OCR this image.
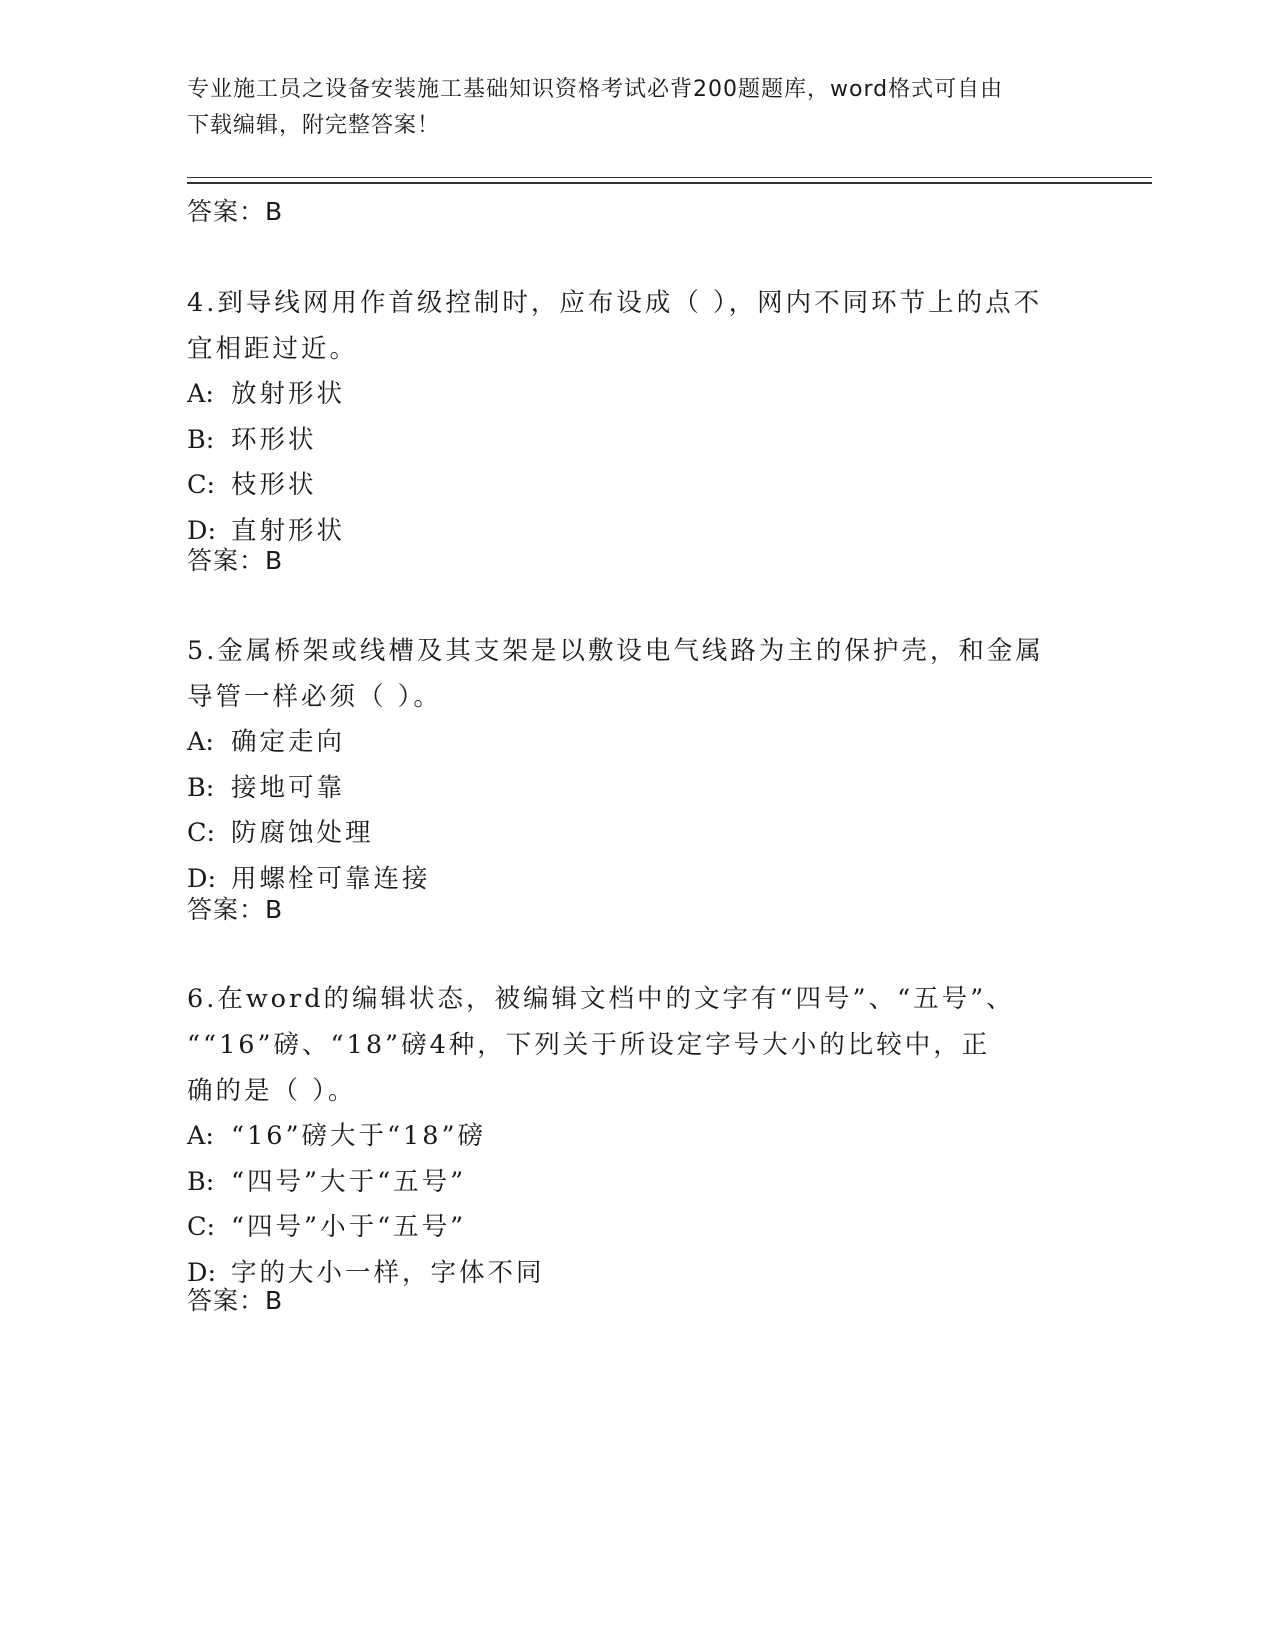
专业施工员之设备安装施工基础知识资格考试必背200题题库，word格式可自由
下载编辑，附完整答案！
答案：B

4.到导线网用作首级控制时，应布设成（ ），网内不同环节上的点不

宜相距过近。

A: 放射形状

B: 环形状

C: 枝形状

D: 直射形状

答案：B

5.金属桥架或线槽及其支架是以敷设电气线路为主的保护壳，和金属

导管一样必须（ ）。

A: 确定走向

B: 接地可靠

C: 防腐蚀处理

D: 用螺栓可靠连接

答案：B

6.在word的编辑状态，被编辑文档中的文字有“四号”、“五号”、

““16”磅、“18”磅4种，下列关于所设定字号大小的比较中，正

确的是（ ）。

A: “16”磅大于“18”磅

B: “四号”大于“五号”

C: “四号”小于“五号”

D: 字的大小一样，字体不同

答案：B
